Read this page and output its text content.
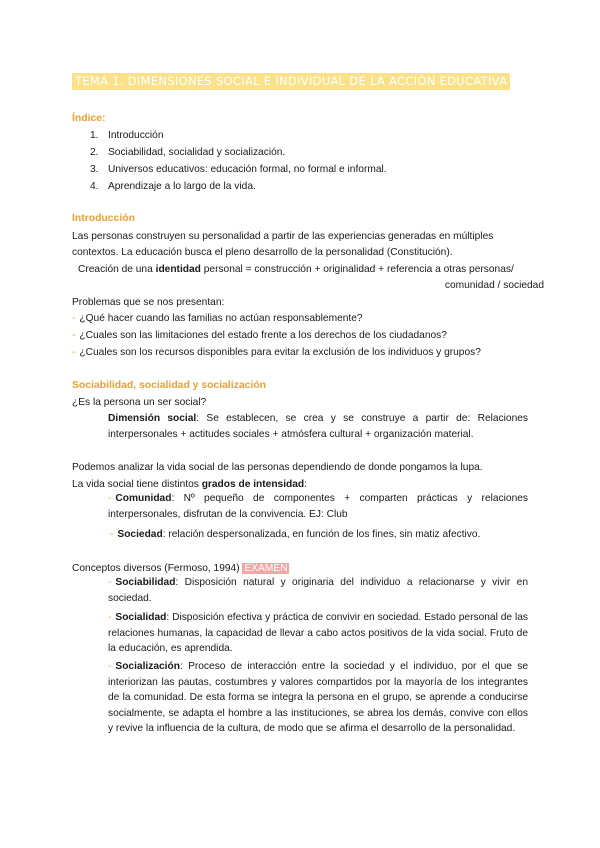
TEMA 1. DIMENSIONES SOCIAL E INDIVIDUAL DE LA ACCIÓN EDUCATIVA
Índice:
1. Introducción
2. Sociabilidad, socialidad y socialización.
3. Universos educativos: educación formal, no formal e informal.
4. Aprendizaje a lo largo de la vida.
Introducción
Las personas construyen su personalidad a partir de las experiencias generadas en múltiples
contextos. La educación busca el pleno desarrollo de la personalidad (Constitución).
Creación de una identidad personal = construcción + originalidad + referencia a otras personas/
comunidad / sociedad
Problemas que se nos presentan:
- ¿Qué hacer cuando las familias no actúan responsablemente?
- ¿Cuales son las limitaciones del estado frente a los derechos de los ciudadanos?
- ¿Cuales son los recursos disponibles para evitar la exclusión de los individuos y grupos?
Sociabilidad, socialidad y socialización
¿Es la persona un ser social?
Dimensión social: Se establecen, se crea y se construye a partir de: Relaciones interpersonales + actitudes sociales + atmósfera cultural + organización material.
Podemos analizar la vida social de las personas dependiendo de donde pongamos la lupa.
La vida social tiene distintos grados de intensidad:
- Comunidad: Nº pequeño de componentes + comparten prácticas y relaciones interpersonales, disfrutan de la convivencia. EJ: Club
- Sociedad: relación despersonalizada, en función de los fines, sin matiz afectivo.
Conceptos diversos (Fermoso, 1994) EXAMEN
- Sociabilidad: Disposición natural y originaria del individuo a relacionarse y vivir en sociedad.
- Socialidad: Disposición efectiva y práctica de convivir en sociedad. Estado personal de las relaciones humanas, la capacidad de llevar a cabo actos positivos de la vida social. Fruto de la educación, es aprendida.
- Socialización: Proceso de interacción entre la sociedad y el individuo, por el que se interiorizan las pautas, costumbres y valores compartidos por la mayoría de los integrantes de la comunidad. De esta forma se integra la persona en el grupo, se aprende a conducirse socialmente, se adapta el hombre a las instituciones, se abrea los demás, convive con ellos y revive la influencia de la cultura, de modo que se afirma el desarrollo de la personalidad.
